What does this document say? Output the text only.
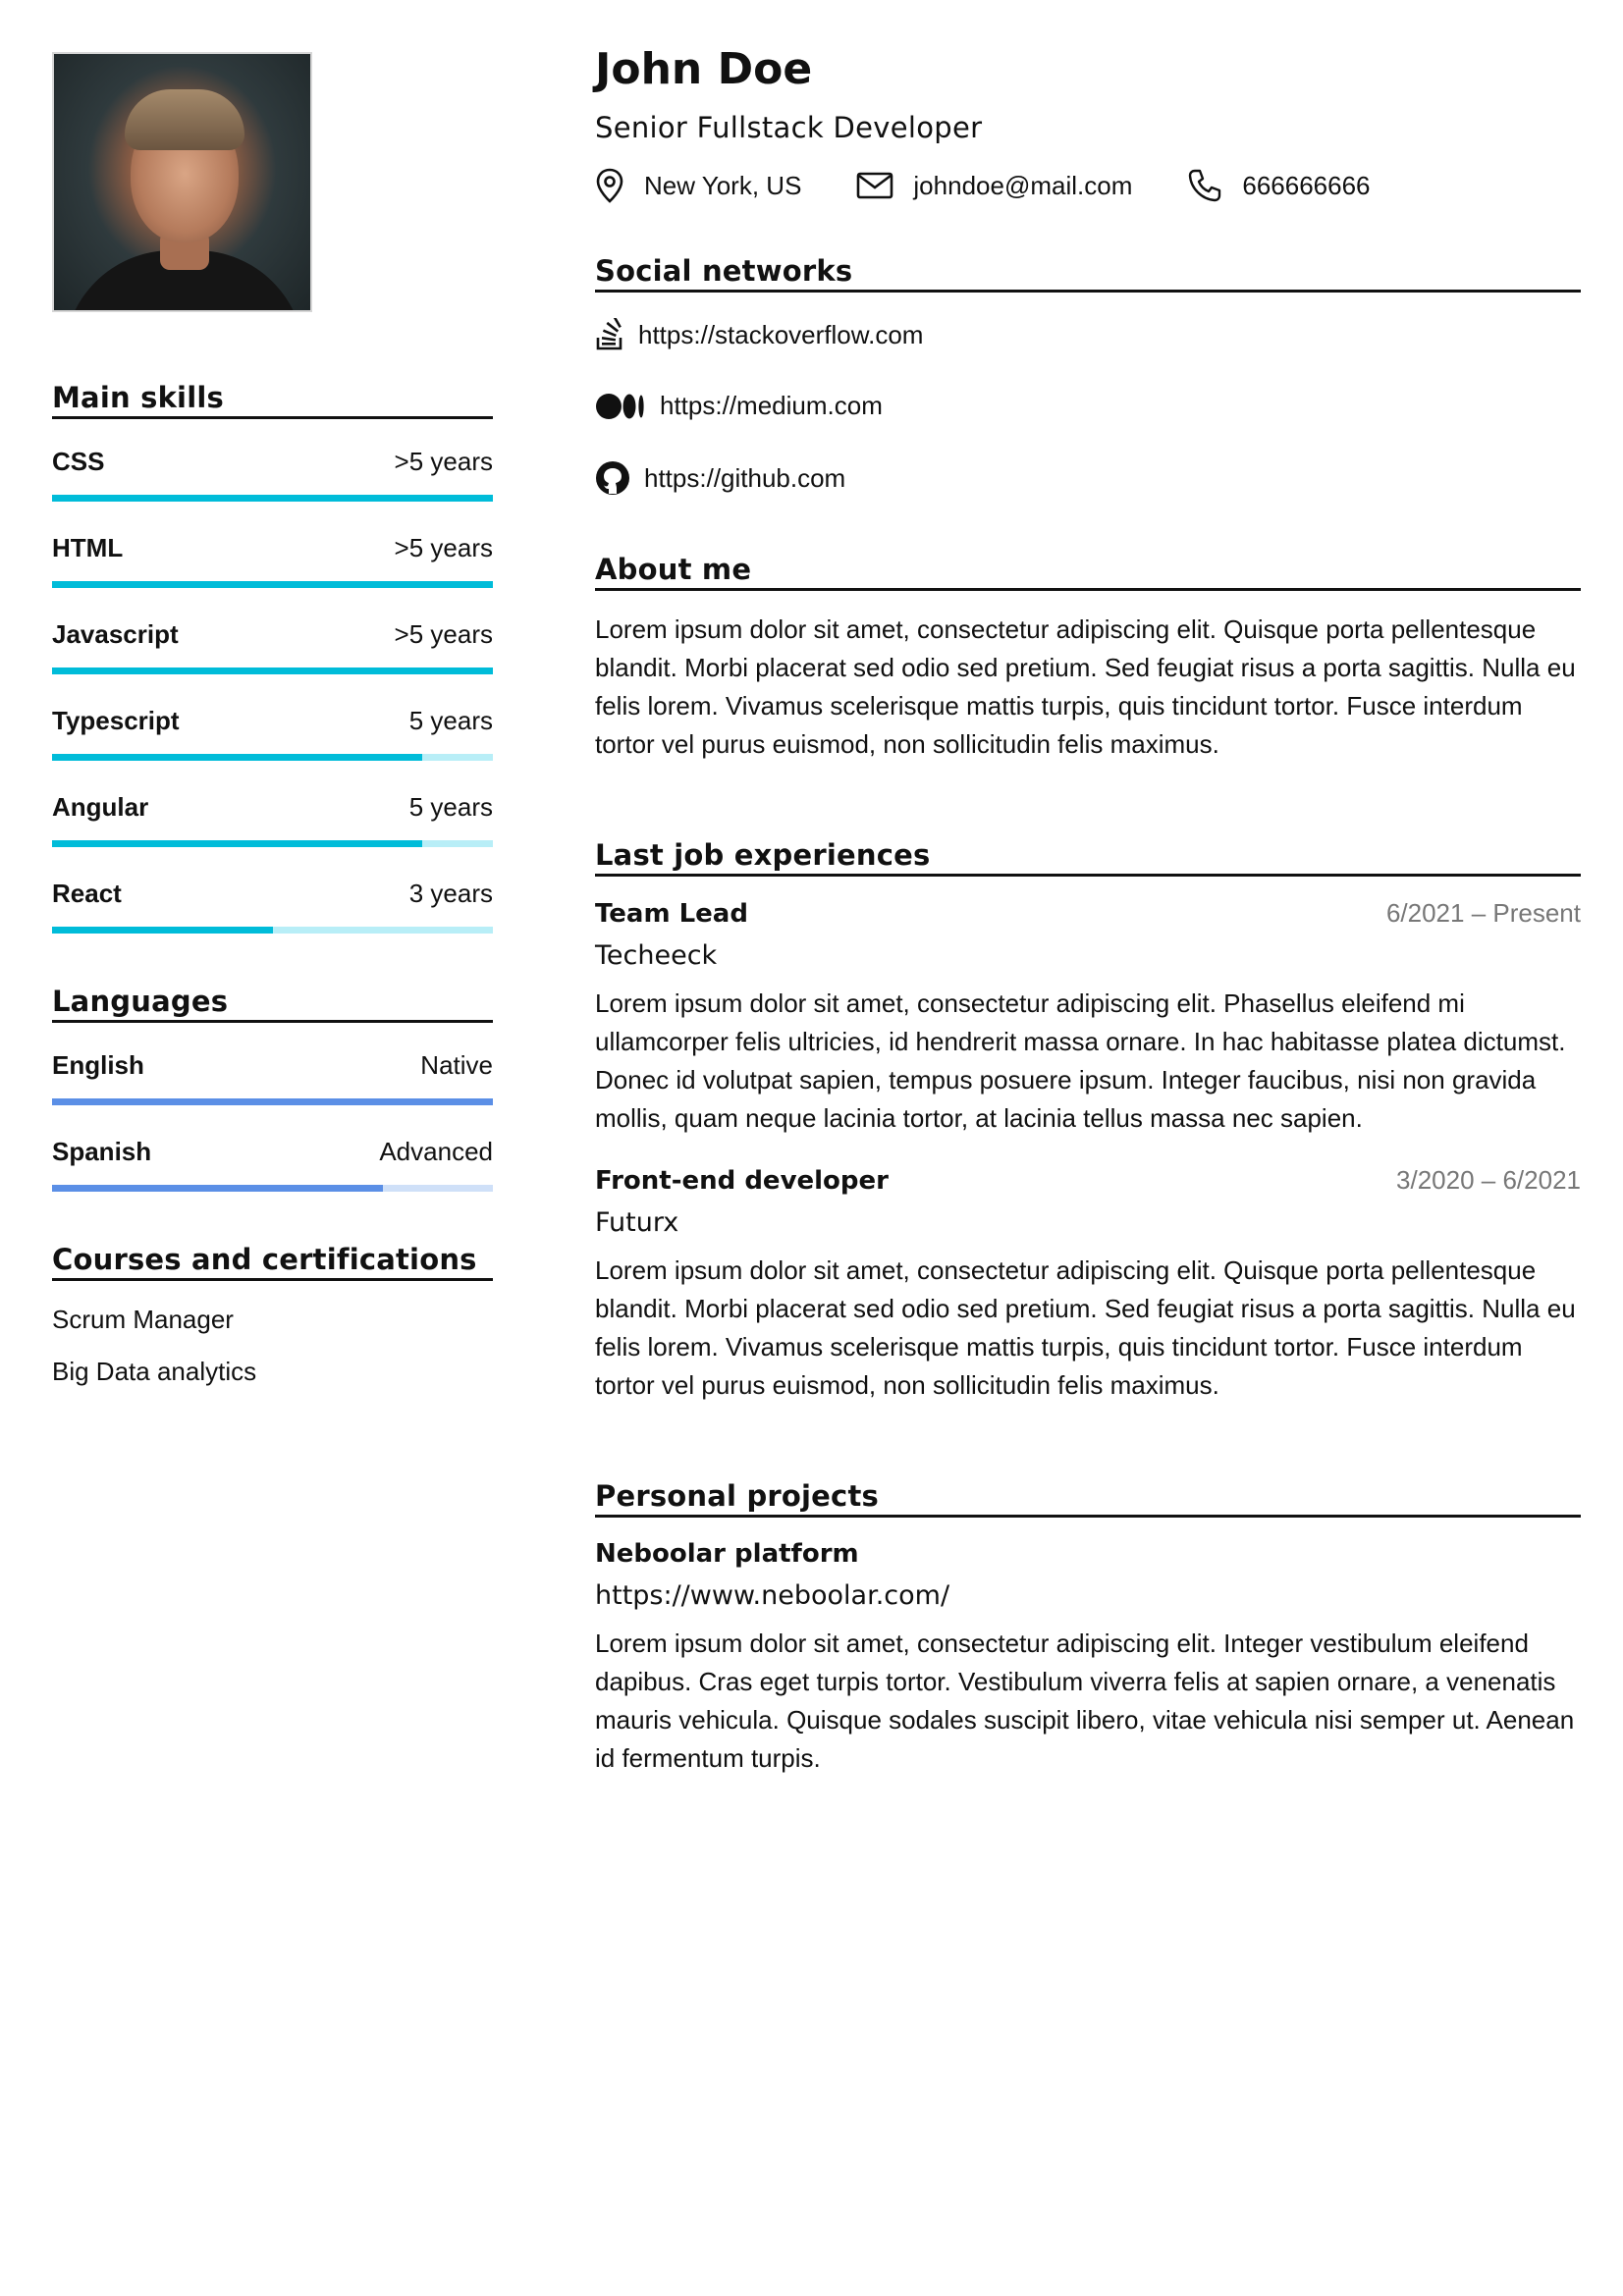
Main skills
CSS	>5 years
HTML	>5 years
Javascript	>5 years
Typescript	5 years
Angular	5 years
React	3 years
Languages
English	Native
Spanish	Advanced
Courses and certifications
Scrum Manager
Big Data analytics
John Doe
Senior Fullstack Developer
New York, US	johndoe@mail.com	666666666
Social networks
https://stackoverflow.com
https://medium.com
https://github.com
About me
Lorem ipsum dolor sit amet, consectetur adipiscing elit. Quisque porta pellentesque blandit. Morbi placerat sed odio sed pretium. Sed feugiat risus a porta sagittis. Nulla eu felis lorem. Vivamus scelerisque mattis turpis, quis tincidunt tortor. Fusce interdum tortor vel purus euismod, non sollicitudin felis maximus.
Last job experiences
Team Lead	6/2021 – Present
Techeeck
Lorem ipsum dolor sit amet, consectetur adipiscing elit. Phasellus eleifend mi ullamcorper felis ultricies, id hendrerit massa ornare. In hac habitasse platea dictumst. Donec id volutpat sapien, tempus posuere ipsum. Integer faucibus, nisi non gravida mollis, quam neque lacinia tortor, at lacinia tellus massa nec sapien.
Front-end developer	3/2020 – 6/2021
Futurx
Lorem ipsum dolor sit amet, consectetur adipiscing elit. Quisque porta pellentesque blandit. Morbi placerat sed odio sed pretium. Sed feugiat risus a porta sagittis. Nulla eu felis lorem. Vivamus scelerisque mattis turpis, quis tincidunt tortor. Fusce interdum tortor vel purus euismod, non sollicitudin felis maximus.
Personal projects
Neboolar platform
https://www.neboolar.com/
Lorem ipsum dolor sit amet, consectetur adipiscing elit. Integer vestibulum eleifend dapibus. Cras eget turpis tortor. Vestibulum viverra felis at sapien ornare, a venenatis mauris vehicula. Quisque sodales suscipit libero, vitae vehicula nisi semper ut. Aenean id fermentum turpis.
